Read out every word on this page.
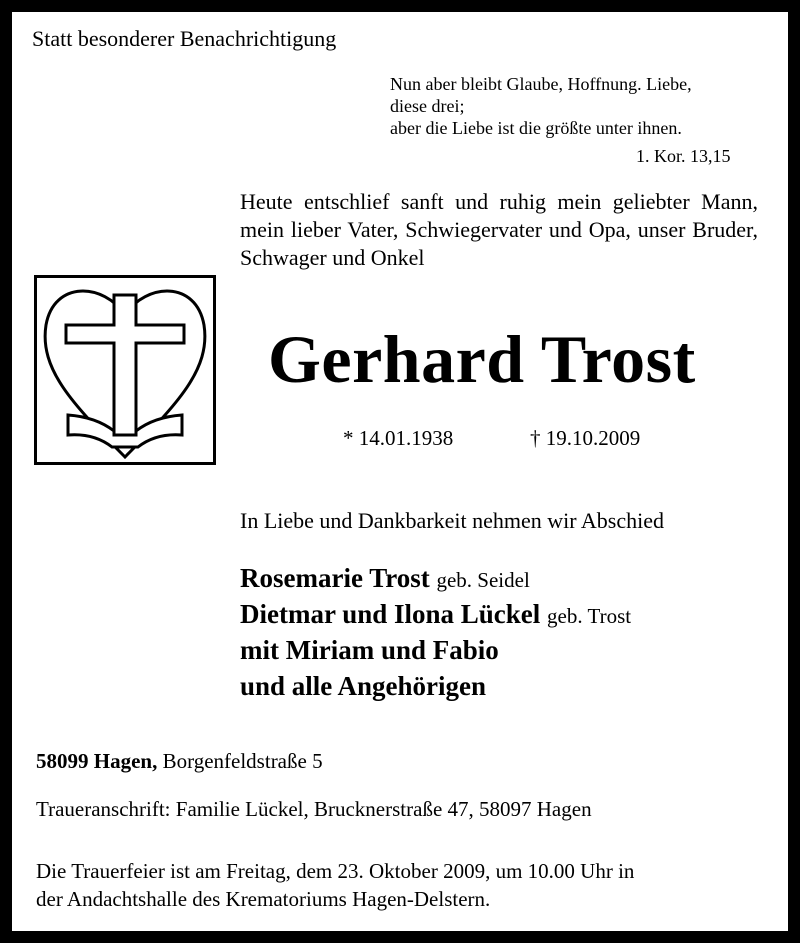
Statt besonderer Benachrichtigung
Nun aber bleibt Glaube, Hoffnung. Liebe,
diese drei;
aber die Liebe ist die größte unter ihnen.
1. Kor. 13,15
Heute entschlief sanft und ruhig mein geliebter Mann, mein lieber Vater, Schwiegervater und Opa, unser Bruder, Schwager und Onkel
Gerhard Trost
* 14.01.1938	† 19.10.2009
In Liebe und Dankbarkeit nehmen wir Abschied
Rosemarie Trost geb. Seidel
Dietmar und Ilona Lückel geb. Trost
mit Miriam und Fabio
und alle Angehörigen
58099 Hagen, Borgenfeldstraße 5
Traueranschrift: Familie Lückel, Brucknerstraße 47, 58097 Hagen
Die Trauerfeier ist am Freitag, dem 23. Oktober 2009, um 10.00 Uhr in
der Andachtshalle des Krematoriums Hagen-Delstern.
